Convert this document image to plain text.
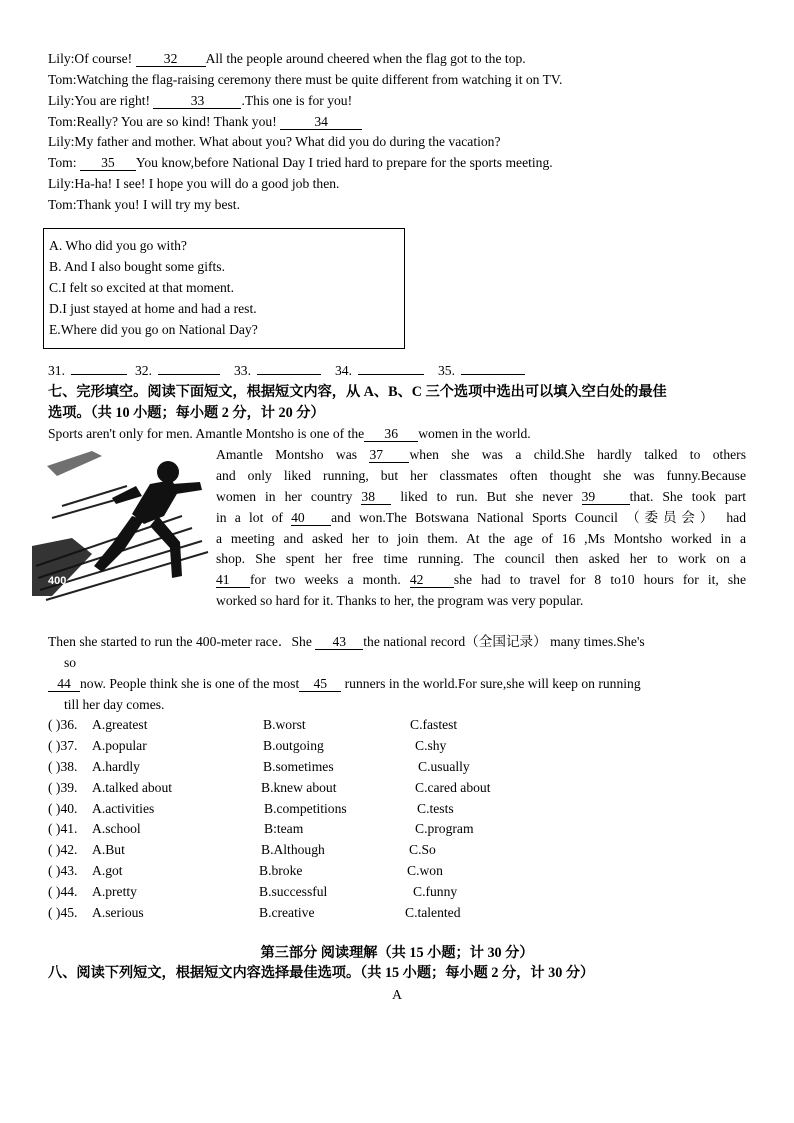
Lily:Of course! 32 All the people around cheered when the flag got to the top.
Tom:Watching the flag-raising ceremony there must be quite different from watching it on TV.
Lily:You are right!	33	.This one is for you!
Tom:Really? You are so kind! Thank you!	34
Lily:My father and mother. What about you? What did you do during the vacation?
Tom: 35 You know,before National Day I tried hard to prepare for the sports meeting.
Lily:Ha-ha! I see! I hope you will do a good job then.
Tom:Thank you! I will try my best.
A. Who did you go with?
B. And I also bought some gifts.
C.I felt so excited at that moment.
D.I just stayed at home and had a rest.
E.Where did you go on National Day?
31.	32.	33.	34.	35.
七、完形填空。阅读下面短文，根据短文内容，从 A、B、C 三个选项中选出可以填入空白处的最佳
选项。（共 10 小题；每小题 2 分，计 20 分）
Sports aren't only for men. Amantle Montsho is one of the 36 women in the world.
400
Amantle Montsho was 37 when she was a child.She hardly talked to others
and only liked running, but her classmates often thought she was funny.Because
women in her country 38 liked to run. But she never 39	that. She took part
in a lot of 40 and won.The Botswana National Sports Council （委员会） had
a meeting and asked her to join them. At the age of 16 ,Ms Montsho worked in a
shop. She spent her free time running. The council then asked her to work on a
41 for two weeks a month. 42 she had to travel for 8 to10 hours for it, she
worked so hard for it. Thanks to her, the program was very popular.
Then she started to run the 400-meter race．She 43 the national record（全国记录） many times.She's
so
44 now. People think she is one of the most 45 runners in the world.For sure,she will keep on running
till her day comes.
( )36. A.greatest	B.worst	C.fastest
( )37. A.popular	B.outgoing	C.shy
( )38. A.hardly	B.sometimes	C.usually
( )39. A.talked about	B.knew about	C.cared about
( )40. A.activities	B.competitions	C.tests
( )41. A.school	B:team	C.program
( )42. A.But	B.Although	C.So
( )43. A.got	B.broke	C.won
( )44. A.pretty	B.successful	C.funny
( )45. A.serious	B.creative	C.talented
第三部分 阅读理解（共 15 小题；计 30 分）
八、阅读下列短文，根据短文内容选择最佳选项。（共 15 小题；每小题 2 分，计 30 分）
A
